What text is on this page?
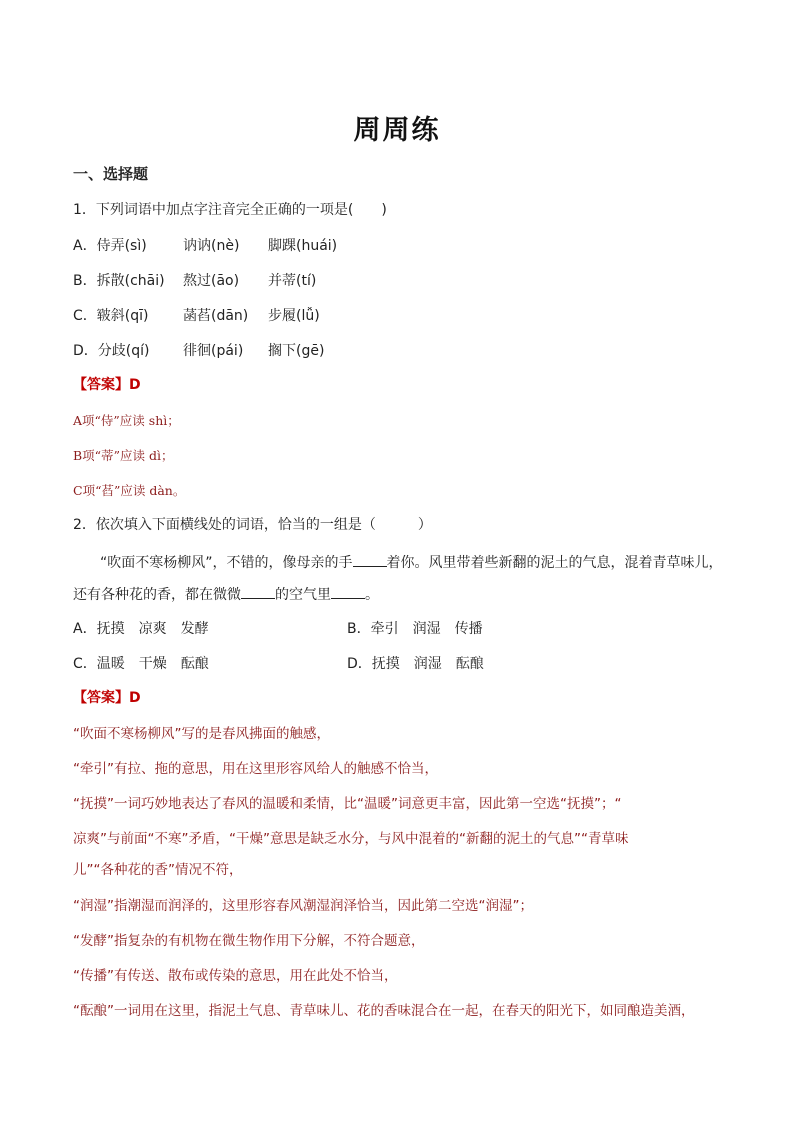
周周练
一、选择题
1．下列词语中加点字注音完全正确的一项是(　　)
A．侍弄(sì)	讷讷(nè) 脚踝(huái)
B．拆散(chāi) 熬过(āo) 并蒂(tí)
C．皲斜(qī) 菡萏(dān) 步履(lǚ)
D．分歧(qí) 徘徊(pái) 搁下(gē)
【答案】D
A项“侍”应读 shì；
B项“蒂”应读 dì；
C项“萏”应读 dàn。
2．依次填入下面横线处的词语，恰当的一组是（　　　）
“吹面不寒杨柳风”，不错的，像母亲的手 着你。风里带着些新翻的泥土的气息，混着青草味儿，
还有各种花的香，都在微微 的空气里 。
A．抚摸　凉爽　发酵	B．牵引　润湿　传播
C．温暖　干燥　酝酿	D．抚摸　润湿　酝酿
【答案】D
“吹面不寒杨柳风”写的是春风拂面的触感，
“牵引”有拉、拖的意思，用在这里形容风给人的触感不恰当，
“抚摸”一词巧妙地表达了春风的温暖和柔情，比“温暖”词意更丰富，因此第一空选“抚摸”；“
凉爽”与前面“不寒”矛盾，“干燥”意思是缺乏水分，与风中混着的“新翻的泥土的气息”“青草味
儿”“各种花的香”情况不符，
“润湿”指潮湿而润泽的，这里形容春风潮湿润泽恰当，因此第二空选“润湿”；
“发酵”指复杂的有机物在微生物作用下分解，不符合题意，
“传播”有传送、散布或传染的意思，用在此处不恰当，
“酝酿”一词用在这里，指泥土气息、青草味儿、花的香味混合在一起，在春天的阳光下，如同酿造美酒，
